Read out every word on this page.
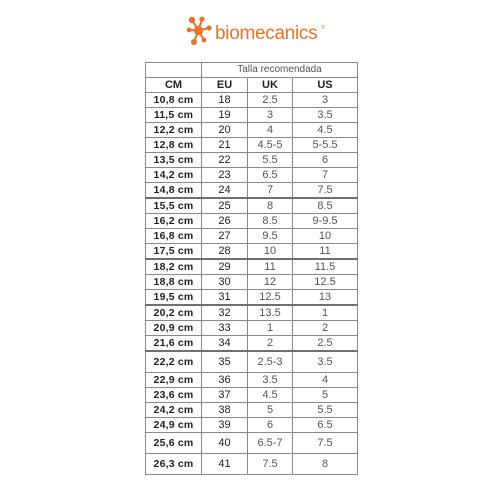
biomecanics ®
·······················
	Talla recomendada		
CM	EU	UK	US
10,8 cm	18	2.5	3
11,5 cm	19	3	3.5
12,2 cm	20	4	4.5
12,8 cm	21	4.5-5	5-5.5
13,5 cm	22	5.5	6
14,2 cm	23	6.5	7
14,8 cm	24	7	7.5
15,5 cm	25	8	8.5
16,2 cm	26	8.5	9-9.5
16,8 cm	27	9.5	10
17,5 cm	28	10	11
18,2 cm	29	11	11.5
18,8 cm	30	12	12.5
19,5 cm	31	12.5	13
20,2 cm	32	13.5	1
20,9 cm	33	1	2
21,6 cm	34	2	2.5
22,2 cm	35	2.5-3	3.5
22,9 cm	36	3.5	4
23,6 cm	37	4.5	5
24,2 cm	38	5	5.5
24,9 cm	39	6	6.5
25,6 cm	40	6.5-7	7.5
26,3 cm	41	7.5	8
